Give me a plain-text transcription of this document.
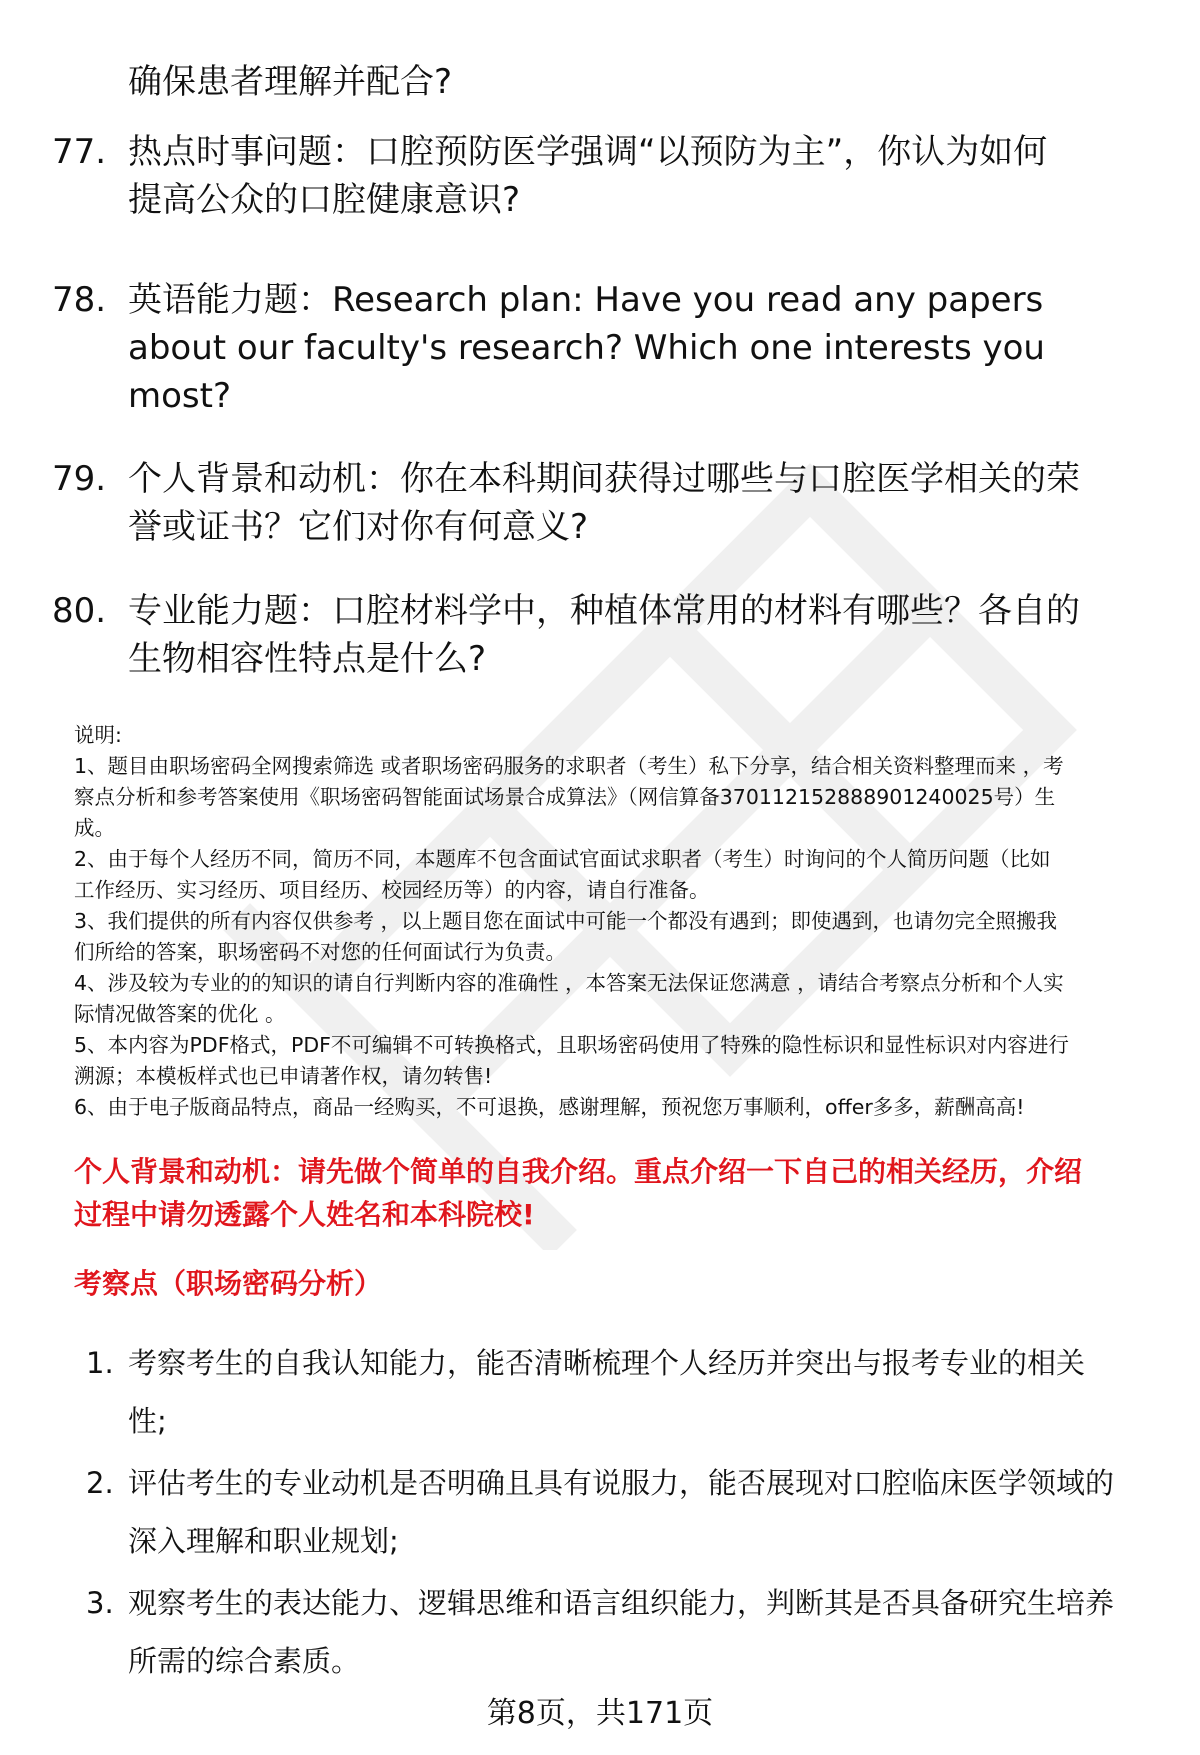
确保患者理解并配合?
77. 热点时事问题：口腔预防医学强调“以预防为主”，你认为如何
提高公众的口腔健康意识?
78. 英语能力题：Research plan: Have you read any papers
about our faculty's research? Which one interests you
most?
79. 个人背景和动机：你在本科期间获得过哪些与口腔医学相关的荣
誉或证书？它们对你有何意义?
80. 专业能力题：口腔材料学中，种植体常用的材料有哪些？各自的
生物相容性特点是什么?
说明:
1、题目由职场密码全网搜索筛选 或者职场密码服务的求职者（考生）私下分享，结合相关资料整理而来 ，考
察点分析和参考答案使用《职场密码智能面试场景合成算法》（网信算备370112152888901240025号）生
成。
2、由于每个人经历不同，简历不同，本题库不包含面试官面试求职者（考生）时询问的个人简历问题（比如
工作经历、实习经历、项目经历、校园经历等）的内容，请自行准备。
3、我们提供的所有内容仅供参考 ，以上题目您在面试中可能一个都没有遇到；即使遇到，也请勿完全照搬我
们所给的答案，职场密码不对您的任何面试行为负责。
4、涉及较为专业的的知识的请自行判断内容的准确性 ，本答案无法保证您满意 ，请结合考察点分析和个人实
际情况做答案的优化 。
5、本内容为PDF格式，PDF不可编辑不可转换格式，且职场密码使用了特殊的隐性标识和显性标识对内容进行
溯源；本模板样式也已申请著作权，请勿转售!
6、由于电子版商品特点，商品一经购买，不可退换，感谢理解，预祝您万事顺利，offer多多，薪酬高高!
个人背景和动机：请先做个简单的自我介绍。重点介绍一下自己的相关经历，介绍
过程中请勿透露个人姓名和本科院校!
考察点（职场密码分析）
1. 考察考生的自我认知能力，能否清晰梳理个人经历并突出与报考专业的相关
性;
2. 评估考生的专业动机是否明确且具有说服力，能否展现对口腔临床医学领域的
深入理解和职业规划;
3. 观察考生的表达能力、逻辑思维和语言组织能力，判断其是否具备研究生培养
所需的综合素质。
第8页，共171页
